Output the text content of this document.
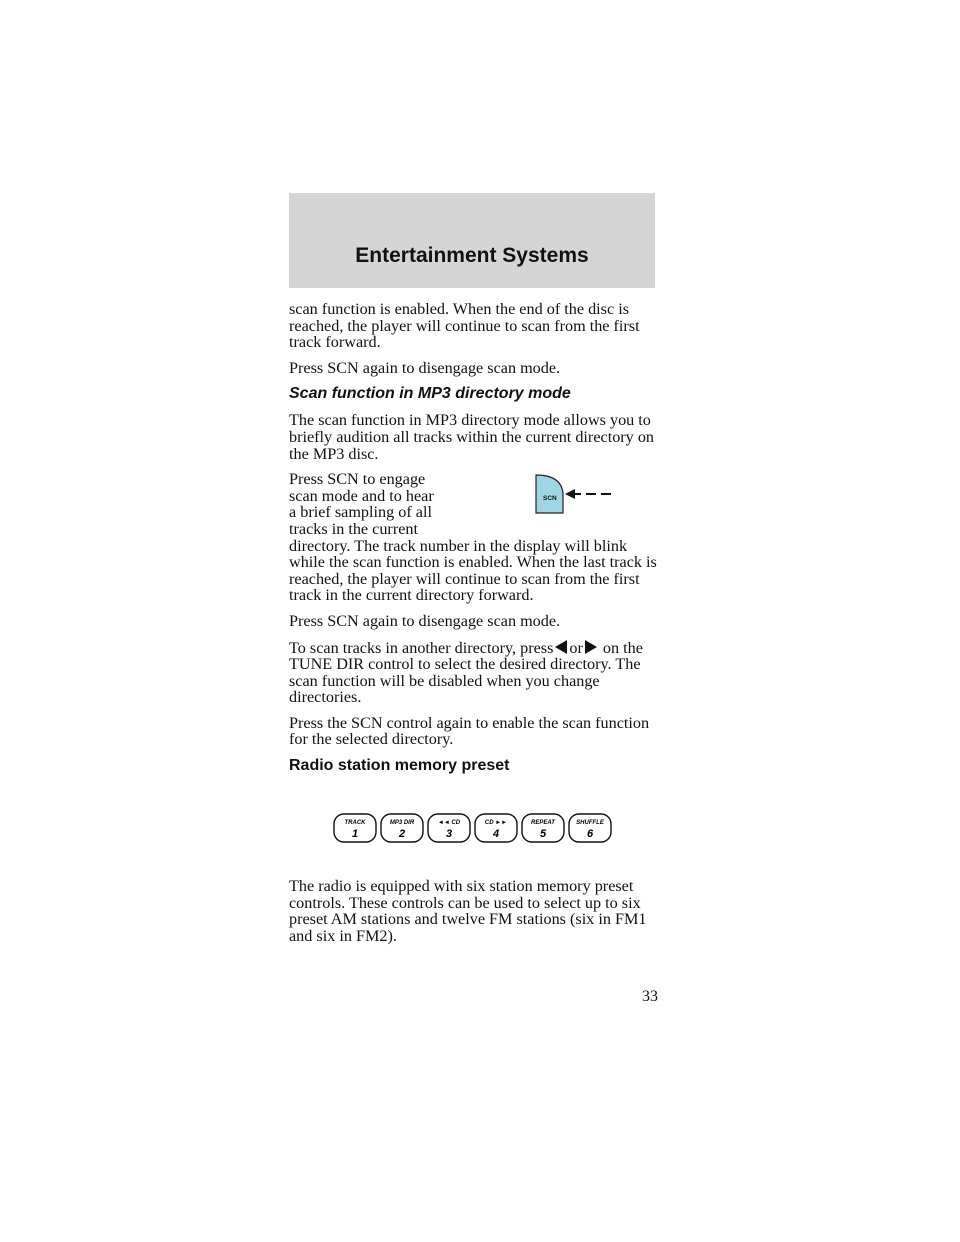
Entertainment Systems

scan function is enabled. When the end of the disc is reached, the player will continue to scan from the first track forward.

Press SCN again to disengage scan mode.

Scan function in MP3 directory mode

The scan function in MP3 directory mode allows you to briefly audition all tracks within the current directory on the MP3 disc.

SCN

Press SCN to engage
scan mode and to hear
a brief sampling of all
tracks in the current
directory. The track number in the display will blink while the scan function is enabled. When the last track is reached, the player will continue to scan from the first track in the current directory forward.

Press SCN again to disengage scan mode.

To scan tracks in another directory, press or on the TUNE DIR control to select the desired directory. The scan function will be disabled when you change directories.

Press the SCN control again to enable the scan function for the selected directory.

Radio station memory preset
TRACK
1
MP3 DIR
2
◄◄ CD
3
CD ►►
4
REPEAT
5
SHUFFLE
6

The radio is equipped with six station memory preset controls. These controls can be used to select up to six preset AM stations and twelve FM stations (six in FM1 and six in FM2).

33
